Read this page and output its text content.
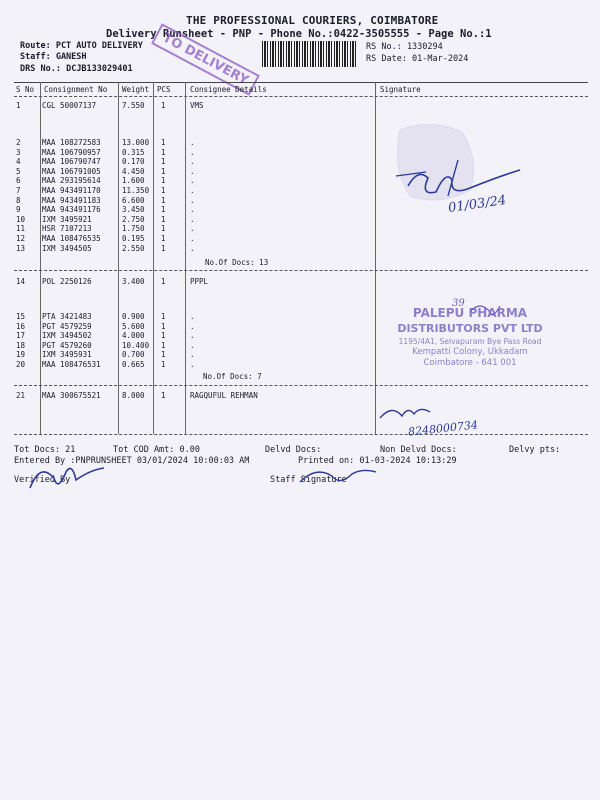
THE PROFESSIONAL COURIERS, COIMBATORE
Delivery Runsheet - PNP - Phone No.:0422-3505555 - Page No.:1
Route: PCT AUTO DELIVERY
Staff: GANESH
DRS No.: DCJB133029401
RS No.: 1330294
RS Date: 01-Mar-2024
TO DELIVERY
S No Consignment No Weight PCS	Consignee Details	Signature
1	CGL 50007137	7.550 1	VMS
2	MAA 108272583	13.000 1	.
3	MAA 106790957	0.315 1	.
4	MAA 106790747	0.170 1	.
5	MAA 106791005	4.450 1	.
6	MAA 293195614	1.600 1	.
7	MAA 943491170	11.350 1	.
8	MAA 943491183	6.600 1	.
9	MAA 943491176	3.450 1	.
10 IXM 3495921	2.750 1	.
11 HSR 7107213	1.750 1	.
12 MAA 108476535	0.195 1	.
13 IXM 3494505	2.550 1	.
No.Of Docs: 13
14 POL 2250126	3.400 1	PPPL
15 PTA 3421483	0.900 1	.
16 PGT 4579259	5.600 1	.
17 IXM 3494502	4.000 1	.
18 PGT 4579260	10.400 1	.
19 IXM 3495931	0.700 1	.
20 MAA 108476531	0.665 1	.
No.Of Docs: 7
21 MAA 300675521	8.000 1	RAGQUFUL REHMAN
Tot Docs: 21	Tot COD Amt: 0.00	Delvd Docs:	Non Delvd Docs:	Delvy pts:
Entered By :PNPRUNSHEET 03/01/2024 10:00:03 AM	Printed on: 01-03-2024 10:13:29
Verified By	Staff Signature
PALEPU PHARMA
DISTRIBUTORS PVT LTD
1195/4A1, Selvapuram Bye Pass Road
Kempatti Colony, Ukkadam
Coimbatore - 641 001
01/03/24
8248000734
39
